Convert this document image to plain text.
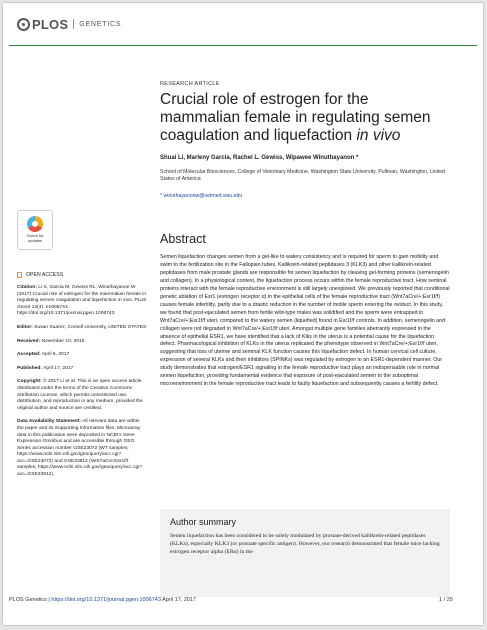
PLOS GENETICS
RESEARCH ARTICLE
Crucial role of estrogen for the mammalian female in regulating semen coagulation and liquefaction in vivo
Shuai Li, Marleny Garcia, Rachel L. Gewiss, Wipawee Winuthayanon *
School of Molecular Biosciences, College of Veterinary Medicine, Washington State University, Pullman, Washington, United States of America
* winuthayanonw@vetmed.wsu.edu
Abstract
Semen liquefaction changes semen from a gel-like to watery consistency and is required for sperm to gain mobility and swim to the fertilization site in the Fallopian tubes. Kallikrein-related peptidases 3 (KLK3) and other kallikrein-related peptidases from male prostate glands are responsible for semen liquefaction by cleaving gel-forming proteins (semenogelin and collagen). In a physiological context, the liquefaction process occurs within the female reproductive tract. How seminal proteins interact with the female reproductive environment is still largely unexplored. We previously reported that conditional genetic ablation of Esr1 (estrogen receptor α) in the epithelial cells of the female reproductive tract (Wnt7aCre/+;Esr1f/f) causes female infertility, partly due to a drastic reduction in the number of motile sperm entering the oviduct. In this study, we found that post-ejaculated semen from fertile wild-type males was solidified and the sperm were entrapped in Wnt7aCre/+;Esr1f/f uteri, compared to the watery semen (liquefied) found in Esr1f/f controls. In addition, semenogelin and collagen were not degraded in Wnt7aCre/+;Esr1f/f uteri. Amongst multiple gene families aberrantly expressed in the absence of epithelial ESR1, we have identified that a lack of Klks in the uterus is a potential cause for the liquefaction defect. Pharmacological inhibition of KLKs in the uterus replicated the phenotype observed in Wnt7aCre/+;Esr1f/f uteri, suggesting that loss of uterine and seminal KLK function causes this liquefaction defect. In human cervical cell culture, expression of several KLKs and their inhibitors (SPINKs) was regulated by estrogen in an ESR1-dependent manner. Our study demonstrates that estrogen/ESR1 signaling in the female reproductive tract plays an indispensable role in normal semen liquefaction, providing fundamental evidence that exposure of post-ejaculated semen to the suboptimal microenvironment in the female reproductive tract leads to faulty liquefaction and subsequently causes a fertility defect.
Author summary
Semen liquefaction has been considered to be solely modulated by prostate-derived kallikrein-related peptidases (KLKs), especially KLK3 (or prostate specific antigen). However, our research demonstrated that female mice lacking estrogen receptor alpha (ERα) in the
Check for
updates
OPEN ACCESS
Citation: Li S, Garcia M, Gewiss RL, Winuthayanon W (2017) Crucial role of estrogen for the mammalian female in regulating semen coagulation and liquefaction in vivo. PLoS Genet 13(4): e1006743. https://doi.org/10.1371/journal.pgen.1006743
Editor: Susan Suarez, Cornell University, UNITED STATES
Received: November 10, 2016
Accepted: April 5, 2017
Published: April 17, 2017
Copyright: © 2017 Li et al. This is an open access article distributed under the terms of the Creative Commons Attribution License, which permits unrestricted use, distribution, and reproduction in any medium, provided the original author and source are credited.
Data Availability Statement: All relevant data are within the paper and its Supporting Information files. Microarray data in this publication were deposited in NCBI's Gene Expression Omnibus and are accessible through GEO Series accession number GSE23072 (WT samples; https://www.ncbi.nlm.nih.gov/geo/query/acc.cgi?acc=GSE23072) and GSE33812 (Wnt7aCre;Esr1f/f samples; https://www.ncbi.nlm.nih.gov/geo/query/acc.cgi?acc=GSE33812).
PLOS Genetics | https://doi.org/10.1371/journal.pgen.1006743 April 17, 2017	1 / 25
